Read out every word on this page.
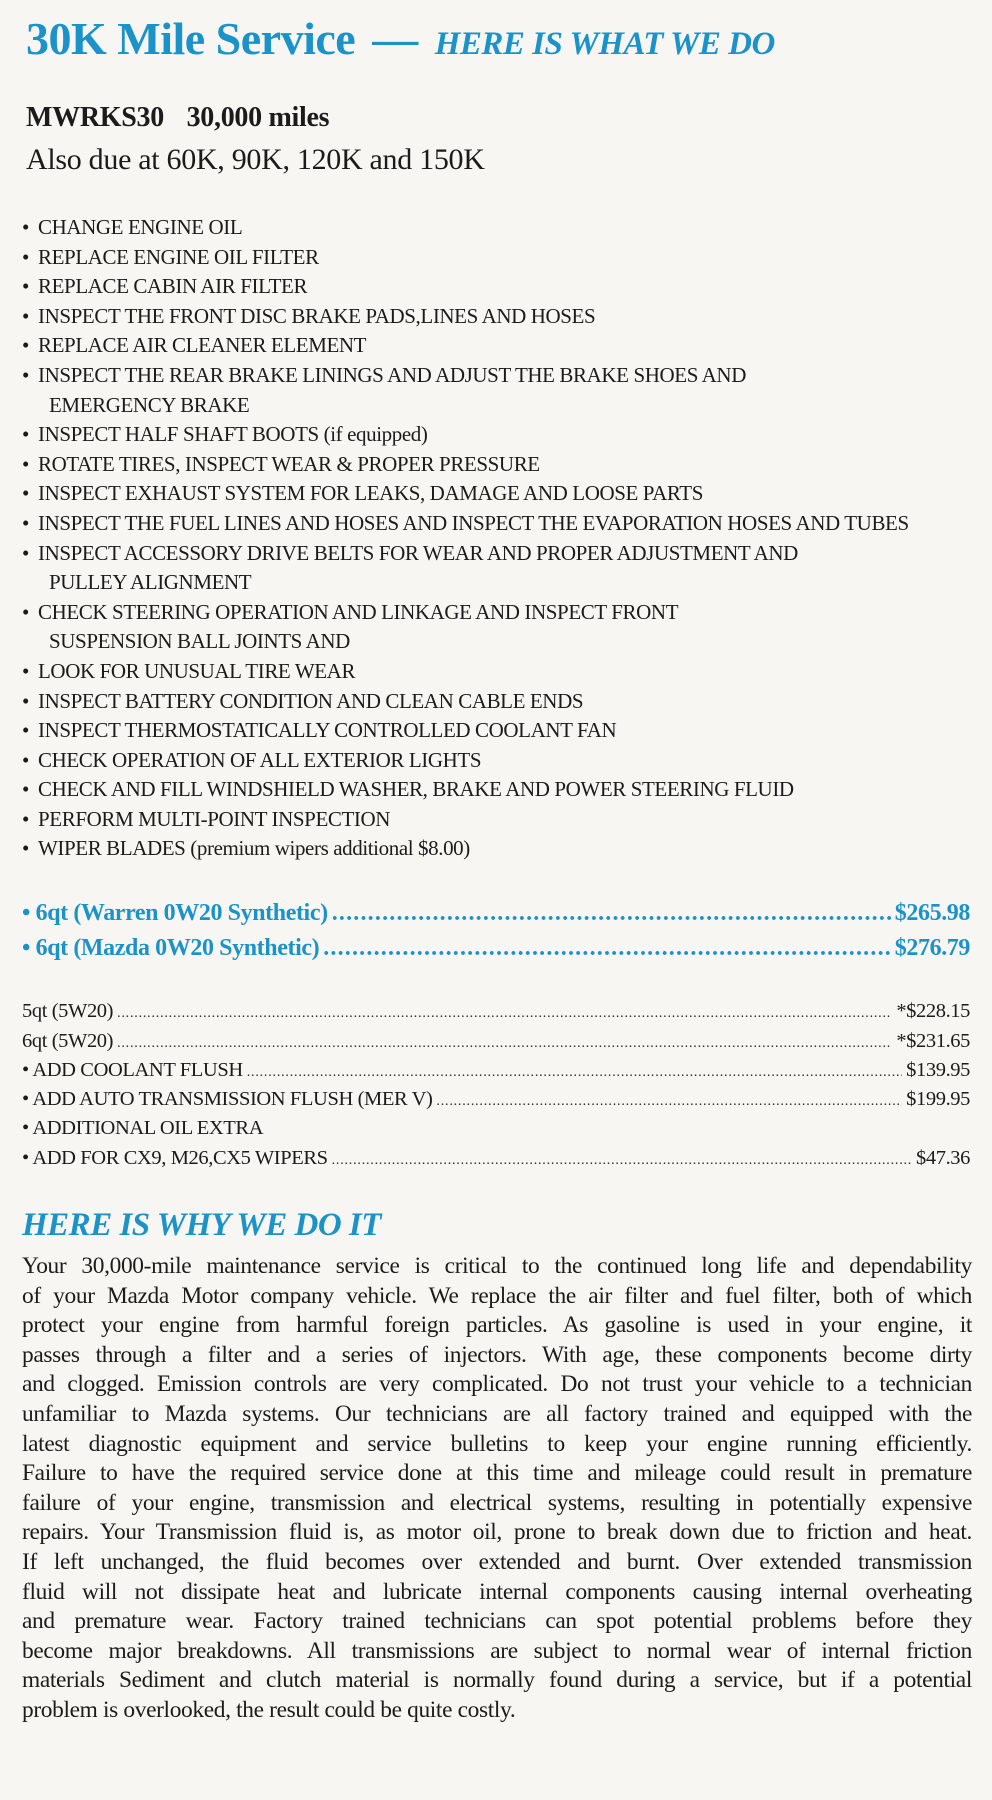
30K Mile Service — HERE IS WHAT WE DO
MWRKS30 30,000 miles
Also due at 60K, 90K, 120K and 150K
• CHANGE ENGINE OIL
• REPLACE ENGINE OIL FILTER
• REPLACE CABIN AIR FILTER
• INSPECT THE FRONT DISC BRAKE PADS,LINES AND HOSES
• REPLACE AIR CLEANER ELEMENT
• INSPECT THE REAR BRAKE LININGS AND ADJUST THE BRAKE SHOES AND
EMERGENCY BRAKE
• INSPECT HALF SHAFT BOOTS (if equipped)
• ROTATE TIRES, INSPECT WEAR & PROPER PRESSURE
• INSPECT EXHAUST SYSTEM FOR LEAKS, DAMAGE AND LOOSE PARTS
• INSPECT THE FUEL LINES AND HOSES AND INSPECT THE EVAPORATION HOSES AND TUBES
• INSPECT ACCESSORY DRIVE BELTS FOR WEAR AND PROPER ADJUSTMENT AND
PULLEY ALIGNMENT
• CHECK STEERING OPERATION AND LINKAGE AND INSPECT FRONT
SUSPENSION BALL JOINTS AND
• LOOK FOR UNUSUAL TIRE WEAR
• INSPECT BATTERY CONDITION AND CLEAN CABLE ENDS
• INSPECT THERMOSTATICALLY CONTROLLED COOLANT FAN
• CHECK OPERATION OF ALL EXTERIOR LIGHTS
• CHECK AND FILL WINDSHIELD WASHER, BRAKE AND POWER STEERING FLUID
• PERFORM MULTI-POINT INSPECTION
• WIPER BLADES (premium wipers additional $8.00)
• 6qt (Warren 0W20 Synthetic) .....	$265.98
• 6qt (Mazda 0W20 Synthetic) .....	$276.79
5qt (5W20) .....	*$228.15
6qt (5W20) .....	*$231.65
• ADD COOLANT FLUSH .....	$139.95
• ADD AUTO TRANSMISSION FLUSH (MER V) .....	$199.95
• ADDITIONAL OIL EXTRA
• ADD FOR CX9, M26,CX5 WIPERS .....	$47.36
HERE IS WHY WE DO IT
Your 30,000-mile maintenance service is critical to the continued long life and dependability
of your Mazda Motor company vehicle. We replace the air filter and fuel filter, both of which
protect your engine from harmful foreign particles. As gasoline is used in your engine, it
passes through a filter and a series of injectors. With age, these components become dirty
and clogged. Emission controls are very complicated. Do not trust your vehicle to a technician
unfamiliar to Mazda systems. Our technicians are all factory trained and equipped with the
latest diagnostic equipment and service bulletins to keep your engine running efficiently.
Failure to have the required service done at this time and mileage could result in premature
failure of your engine, transmission and electrical systems, resulting in potentially expensive
repairs. Your Transmission fluid is, as motor oil, prone to break down due to friction and heat.
If left unchanged, the fluid becomes over extended and burnt. Over extended transmission
fluid will not dissipate heat and lubricate internal components causing internal overheating
and premature wear. Factory trained technicians can spot potential problems before they
become major breakdowns. All transmissions are subject to normal wear of internal friction
materials Sediment and clutch material is normally found during a service, but if a potential
problem is overlooked, the result could be quite costly.
